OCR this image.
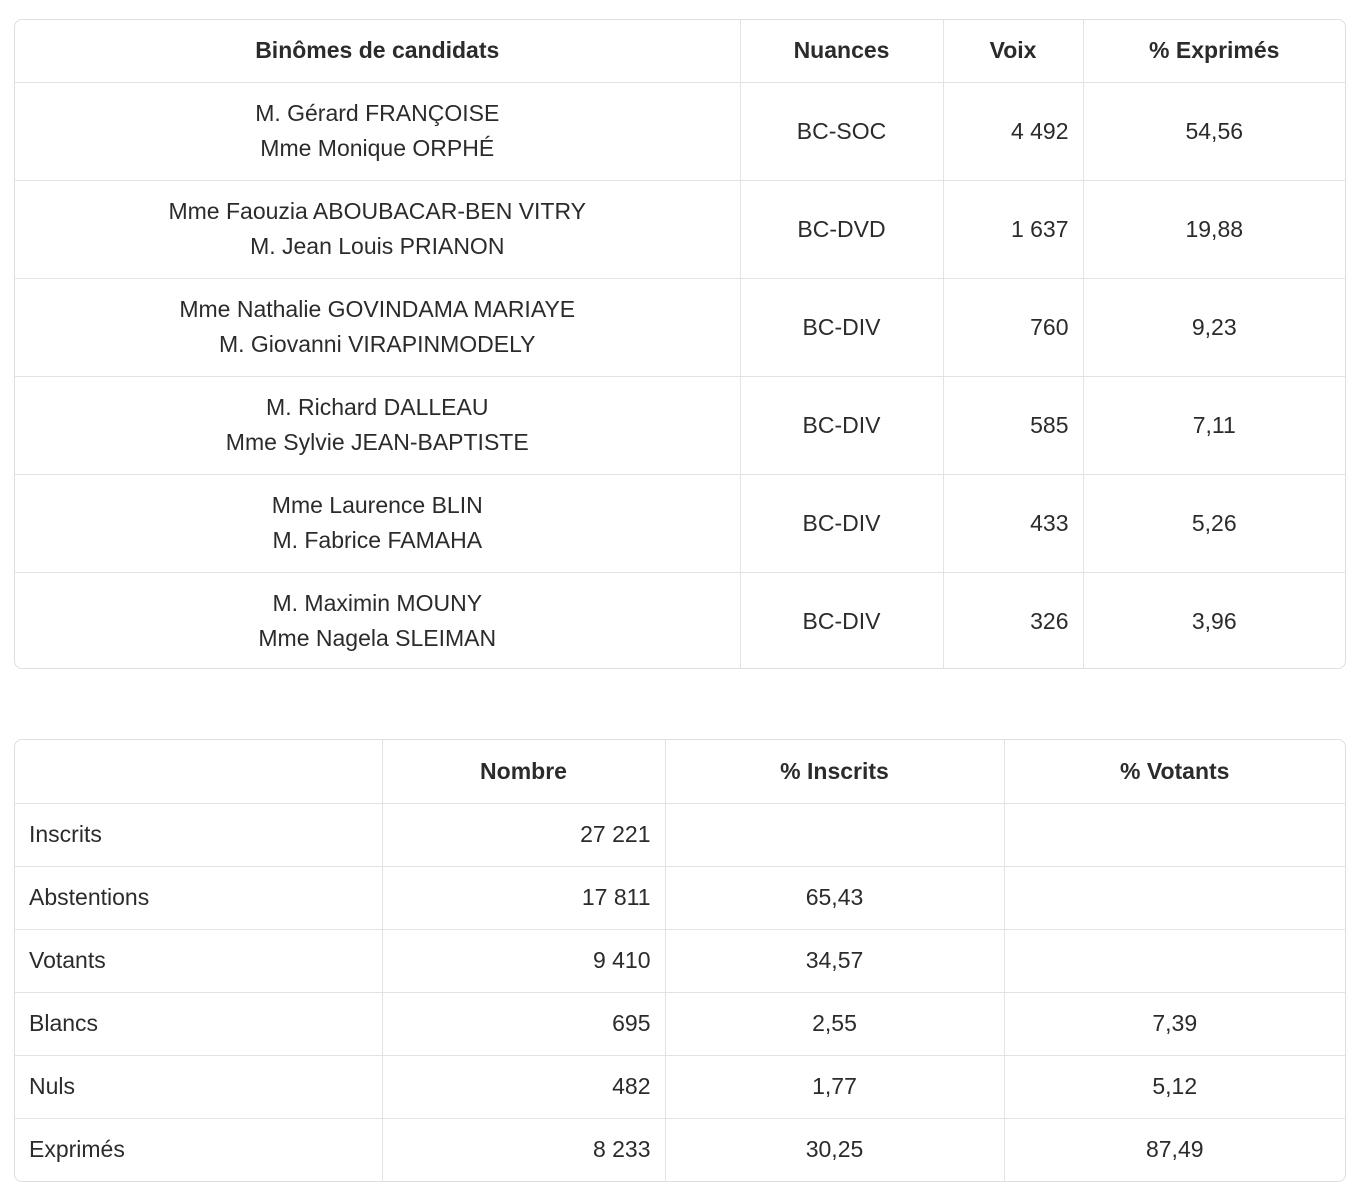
Binômes de candidats	Nuances	Voix	% Exprimés

M. Gérard FRANÇOISE
Mme Monique ORPHÉ	BC-SOC	4 492	54,56

Mme Faouzia ABOUBACAR-BEN VITRY
M. Jean Louis PRIANON	BC-DVD	1 637	19,88

Mme Nathalie GOVINDAMA MARIAYE
M. Giovanni VIRAPINMODELY	BC-DIV	760	9,23

M. Richard DALLEAU
Mme Sylvie JEAN-BAPTISTE	BC-DIV	585	7,11

Mme Laurence BLIN
M. Fabrice FAMAHA	BC-DIV	433	5,26

M. Maximin MOUNY
Mme Nagela SLEIMAN	BC-DIV	326	3,96
	Nombre	% Inscrits	% Votants
Inscrits	27 221		
Abstentions	17 811	65,43	
Votants	9 410	34,57	
Blancs	695	2,55	7,39
Nuls	482	1,77	5,12
Exprimés	8 233	30,25	87,49
